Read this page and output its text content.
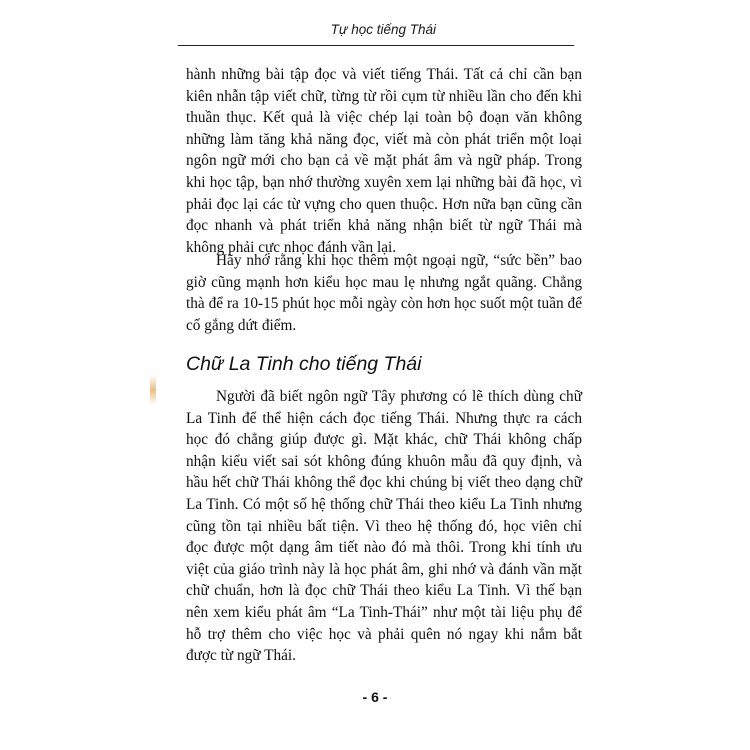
Tự học tiếng Thái

hành những bài tập đọc và viết tiếng Thái. Tất cả chỉ cần bạn kiên nhẫn tập viết chữ, từng từ rồi cụm từ nhiều lần cho đến khi thuần thục. Kết quả là việc chép lại toàn bộ đoạn văn không những làm tăng khả năng đọc, viết mà còn phát triển một loại ngôn ngữ mới cho bạn cả về mặt phát âm và ngữ pháp. Trong khi học tập, bạn nhớ thường xuyên xem lại những bài đã học, vì phải đọc lại các từ vựng cho quen thuộc. Hơn nữa bạn cũng cần đọc nhanh và phát triển khả năng nhận biết từ ngữ Thái mà không phải cực nhọc đánh vần lại.

Hãy nhớ rằng khi học thêm một ngoại ngữ, “sức bền” bao giờ cũng mạnh hơn kiểu học mau lẹ nhưng ngắt quãng. Chẳng thà để ra 10-15 phút học mỗi ngày còn hơn học suốt một tuần để cố gắng dứt điểm.

Chữ La Tinh cho tiếng Thái

Người đã biết ngôn ngữ Tây phương có lẽ thích dùng chữ La Tinh để thể hiện cách đọc tiếng Thái. Nhưng thực ra cách học đó chẳng giúp được gì. Mặt khác, chữ Thái không chấp nhận kiểu viết sai sót không đúng khuôn mẫu đã quy định, và hầu hết chữ Thái không thể đọc khi chúng bị viết theo dạng chữ La Tinh. Có một số hệ thống chữ Thái theo kiểu La Tinh nhưng cũng tồn tại nhiều bất tiện. Vì theo hệ thống đó, học viên chỉ đọc được một dạng âm tiết nào đó mà thôi. Trong khi tính ưu việt của giáo trình này là học phát âm, ghi nhớ và đánh vần mặt chữ chuẩn, hơn là đọc chữ Thái theo kiểu La Tinh. Vì thế bạn nên xem kiểu phát âm “La Tinh-Thái” như một tài liệu phụ để hỗ trợ thêm cho việc học và phải quên nó ngay khi nắm bắt được từ ngữ Thái.

- 6 -
